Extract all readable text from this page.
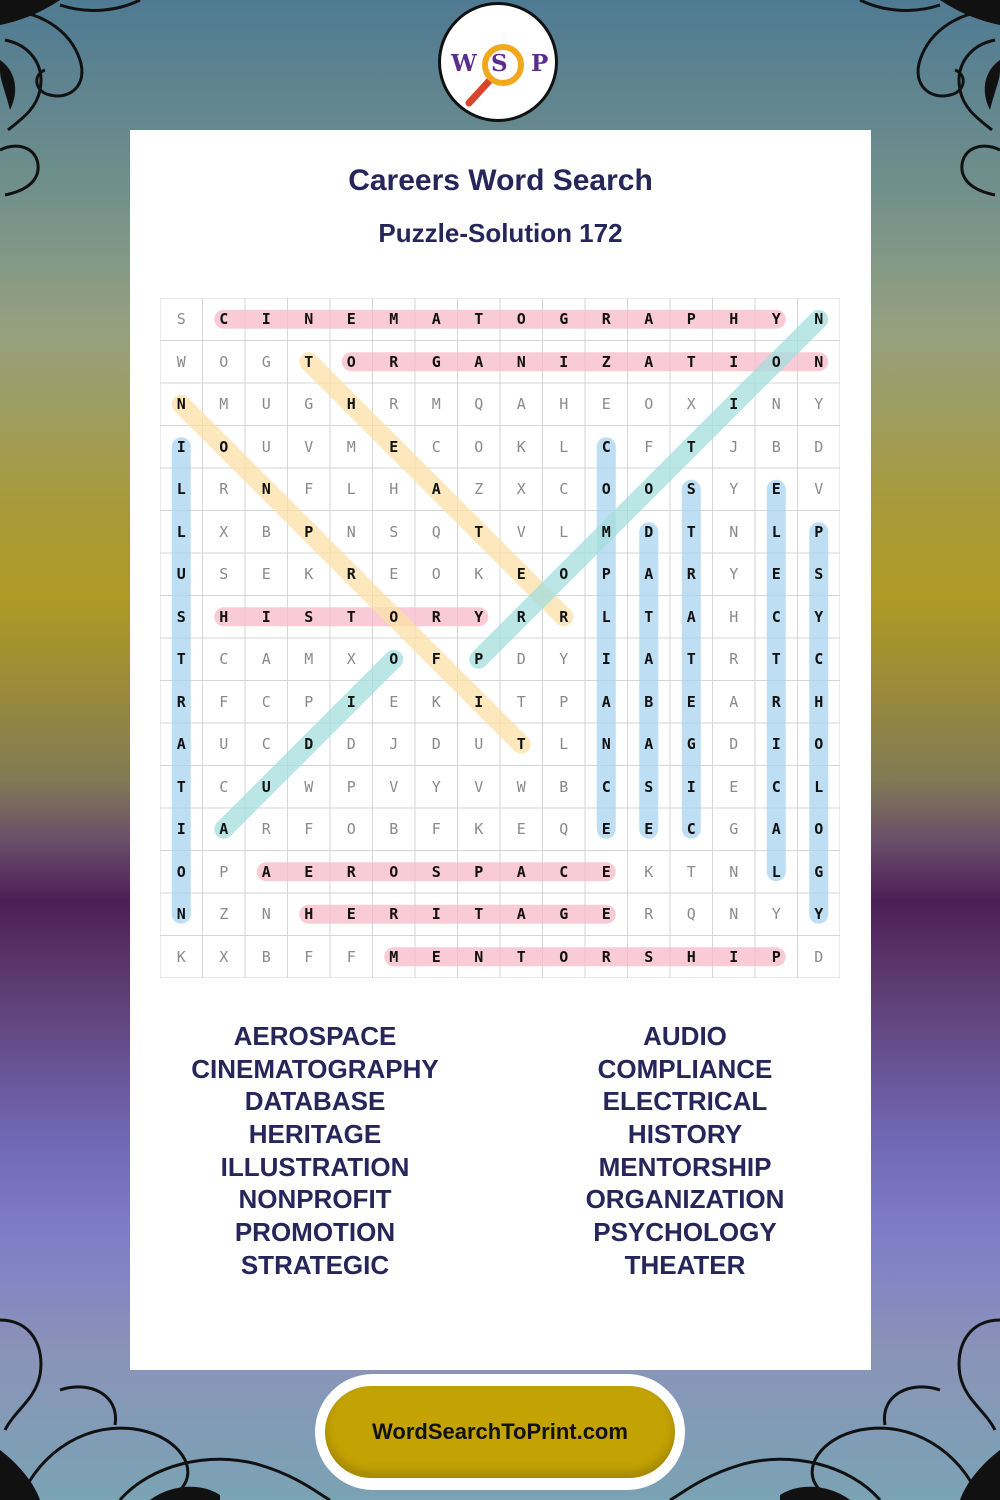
W S P
Careers Word Search
Puzzle-Solution 172
S	C	I	N	E	M	A	T	O	G	R	A	P	H	Y	N
W	O	G	T	O	R	G	A	N	I	Z	A	T	I	O	N
N	M	U	G	H	R	M	Q	A	H	E	O	X	I	N	Y
I	O	U	V	M	E	C	O	K	L	C	F	T	J	B	D
L	R	N	F	L	H	A	Z	X	C	O	O	S	Y	E	V
L	X	B	P	N	S	Q	T	V	L	M	D	T	N	L	P
U	S	E	K	R	E	O	K	E	O	P	A	R	Y	E	S
S	H	I	S	T	O	R	Y	R	R	L	T	A	H	C	Y
T	C	A	M	X	O	F	P	D	Y	I	A	T	R	T	C
R	F	C	P	I	E	K	I	T	P	A	B	E	A	R	H
A	U	C	D	D	J	D	U	T	L	N	A	G	D	I	O
T	C	U	W	P	V	Y	V	W	B	C	S	I	E	C	L
I	A	R	F	O	B	F	K	E	Q	E	E	C	G	A	O
O	P	A	E	R	O	S	P	A	C	E	K	T	N	L	G
N	Z	N	H	E	R	I	T	A	G	E	R	Q	N	Y	Y
K	X	B	F	F	M	E	N	T	O	R	S	H	I	P	D
AEROSPACE
CINEMATOGRAPHY
DATABASE
HERITAGE
ILLUSTRATION
NONPROFIT
PROMOTION
STRATEGIC
AUDIO
COMPLIANCE
ELECTRICAL
HISTORY
MENTORSHIP
ORGANIZATION
PSYCHOLOGY
THEATER
WordSearchToPrint.com
